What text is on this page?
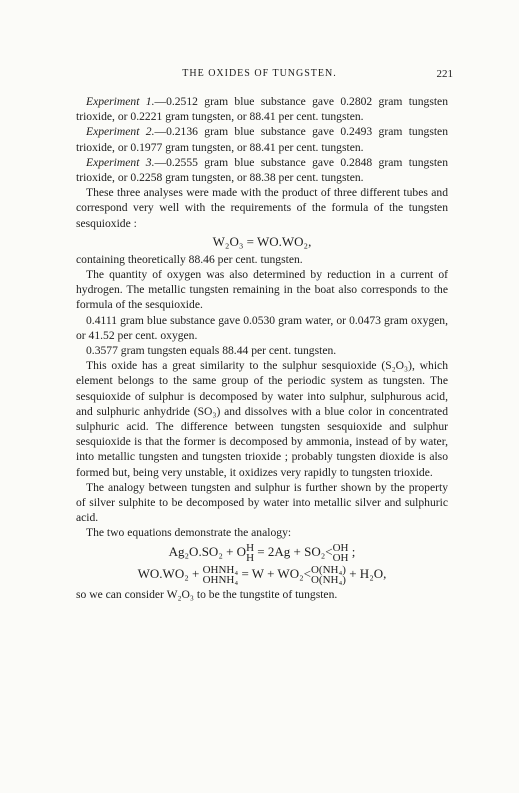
THE OXIDES OF TUNGSTEN.	221

Experiment 1.—0.2512 gram blue substance gave 0.2802 gram tungsten trioxide, or 0.2221 gram tungsten, or 88.41 per cent. tungsten.

Experiment 2.—0.2136 gram blue substance gave 0.2493 gram tungsten trioxide, or 0.1977 gram tungsten, or 88.41 per cent. tungsten.

Experiment 3.—0.2555 gram blue substance gave 0.2848 gram tungsten trioxide, or 0.2258 gram tungsten, or 88.38 per cent. tungsten.

These three analyses were made with the product of three different tubes and correspond very well with the requirements of the formula of the tungsten sesquioxide :

W₂O₃ = WO.WO₂,

containing theoretically 88.46 per cent. tungsten.

The quantity of oxygen was also determined by reduction in a current of hydrogen. The metallic tungsten remaining in the boat also corresponds to the formula of the sesquioxide.

0.4111 gram blue substance gave 0.0530 gram water, or 0.0473 gram oxygen, or 41.52 per cent. oxygen.

0.3577 gram tungsten equals 88.44 per cent. tungsten.

This oxide has a great similarity to the sulphur sesquioxide (S₂O₃), which element belongs to the same group of the periodic system as tungsten. The sesquioxide of sulphur is decomposed by water into sulphur, sulphurous acid, and sulphuric anhydride (SO₃) and dissolves with a blue color in concentrated sulphuric acid. The difference between tungsten sesquioxide and sulphur sesquioxide is that the former is decomposed by ammonia, instead of by water, into metallic tungsten and tungsten trioxide ; probably tungsten dioxide is also formed but, being very unstable, it oxidizes very rapidly to tungsten trioxide.

The analogy between tungsten and sulphur is further shown by the property of silver sulphite to be decomposed by water into metallic silver and sulphuric acid.

The two equations demonstrate the analogy:

Ag₂O.SO₂ + OH
H = 2Ag + SO₂<OH
OH ;

WO.WO₂ + OHNH₄
OHNH₄ = W + WO₂<O(NH₄)
O(NH₄) + H₂O,

so we can consider W₂O₃ to be the tungstite of tungsten.
